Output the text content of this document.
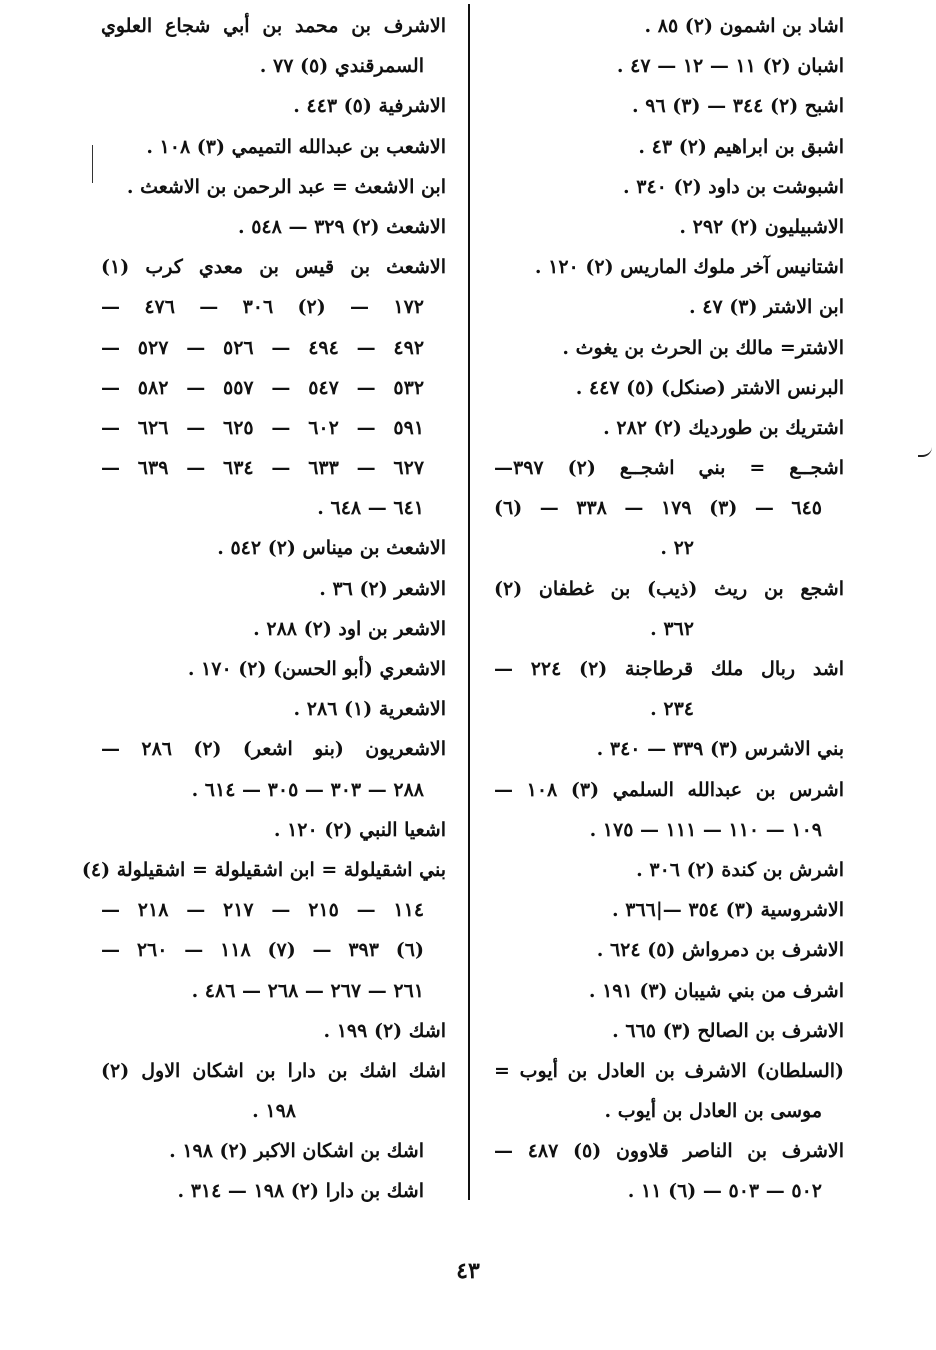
اشاد بن اشمون (٢) ٨٥ .
اشبان (٢) ١١ — ١٢ — ٤٧ .
اشبح (٢) ٣٤٤ — (٣) ٩٦ .
اشبق بن ابراهيم (٢) ٤٣ .
اشبوشت بن داود (٢) ٣٤٠ .
الاشبيليون (٢) ٢٩٢ .
اشتانيس آخر ملوك الماريس (٢) ١٢٠ .
ابن الاشتر (٣) ٤٧ .
الاشتر= مالك بن الحرث بن يغوث .
البرنس الاشتر (صنكل) (٥) ٤٤٧ .
اشتريك بن طورديك (٢) ٢٨٢ .
اشجــع = بني اشجــع (٢) ٣٩٧—
٦٤٥ — (٣) ١٧٩ — ٣٣٨ — (٦)
٢٢ .
اشجع بن ريث (ذيب) بن غطفان (٢)
٣٦٢ .
اشد ربال ملك قرطاجنة (٢) ٢٢٤ —
٢٣٤ .
بني الاشرس (٣) ٣٣٩ — ٣٤٠ .
اشرس بن عبدالله السلمي (٣) ١٠٨ —
١٠٩ — ١١٠ — ١١١ — ١٧٥ .
اشرش بن كندة (٢) ٣٠٦ .
الاشروسية (٣) ٣٥٤ —|٣٦٦ .
الاشرف بن دمرواش (٥) ٦٢٤ .
اشرف من بني شيبان (٣) ١٩١ .
الاشرف بن الصالح (٣) ٦٦٥ .
(السلطان) الاشرف بن العادل بن أيوب =
موسى بن العادل بن أيوب .
الاشرف بن الناصر قلاوون (٥) ٤٨٧ —
٥٠٢ — ٥٠٣ — (٦) ١١ .
الاشرف بن محمد بن أبي شجاع العلوي
السمرقندي (٥) ٧٧ .
الاشرفية (٥) ٤٤٣ .
الاشعب بن عبدالله التميمي (٣) ١٠٨ .
ابن الاشعث = عبد الرحمن بن الاشعث .
الاشعث (٢) ٣٢٩ — ٥٤٨ .
الاشعث بن قيس بن معدي كرب (١)
١٧٢ — (٢) ٣٠٦ — ٤٧٦ —
٤٩٢ — ٤٩٤ — ٥٢٦ — ٥٢٧ —
٥٣٢ — ٥٤٧ — ٥٥٧ — ٥٨٢ —
٥٩١ — ٦٠٢ — ٦٢٥ — ٦٢٦ —
٦٢٧ — ٦٣٣ — ٦٣٤ — ٦٣٩ —
٦٤١ — ٦٤٨ .
الاشعث بن ميناس (٢) ٥٤٢ .
الاشعر (٢) ٣٦ .
الاشعر بن اود (٢) ٢٨٨ .
الاشعري (أبو الحسن) (٢) ١٧٠ .
الاشعرية (١) ٢٨٦ .
الاشعريون (بنو اشعر) (٢) ٢٨٦ —
٢٨٨ — ٣٠٣ — ٣٠٥ — ٦١٤ .
اشعيا النبي (٢) ١٢٠ .
بني اشقيلولة = ابن اشقيلولة = اشقيلولة (٤)
١١٤ — ٢١٥ — ٢١٧ — ٢١٨ —
(٦) ٣٩٣ — (٧) ١١٨ — ٢٦٠ —
٢٦١ — ٢٦٧ — ٢٦٨ — ٤٨٦ .
اشك (٢) ١٩٩ .
اشك اشك بن دارا بن اشكان الاول (٢)
١٩٨ .
اشك بن اشكان الاكبر (٢) ١٩٨ .
اشك بن دارا (٢) ١٩٨ — ٣١٤ .
٤٣
